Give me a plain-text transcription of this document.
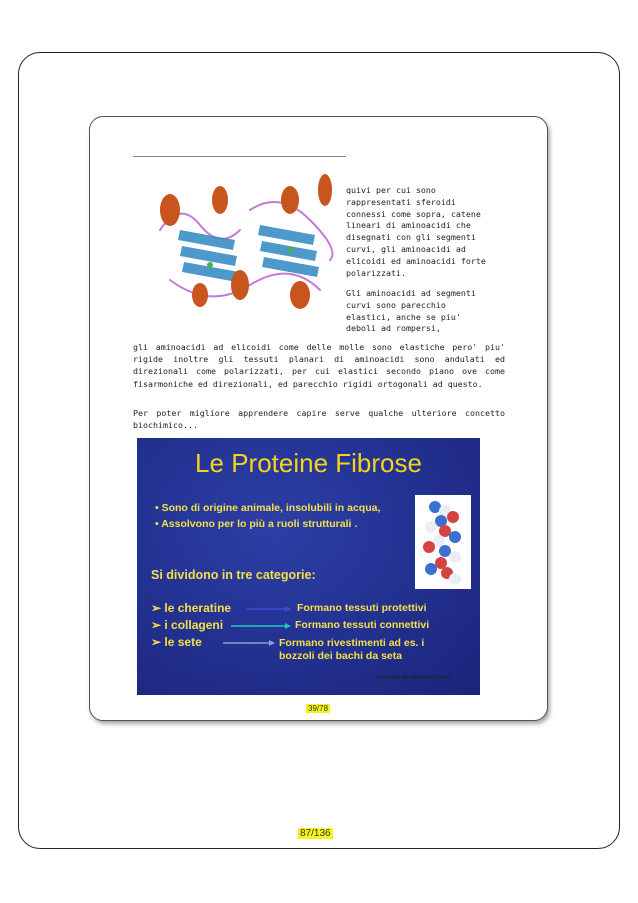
quivi per cui sono
rappresentati sferoidi
connessi come sopra, catene
lineari di aminoacidi che
disegnati con gli segmenti
curvi, gli aminoacidi ad
elicoidi ed aminoacidi forte
polarizzati.
Gli aminoacidi ad segmenti
curvi sono parecchio
elastici, anche se piu'
deboli ad rompersi,
gli aminoacidi ad elicoidi come delle molle sono elastiche pero' piu' rigide inoltre gli tessuti planari di aminoacidi sono andulati ed direzionali come polarizzati, per cui elastici secondo piano ove come fisarmoniche ed direzionali, ed parecchio rigidi ortogonali ad questo.
Per poter migliore apprendere capire serve qualche ulteriore concetto biochimico...
Le Proteine Fibrose
• Sono di origine animale, insolubili in acqua,
• Assolvono per lo più a ruoli strutturali .
Si dividono in tre categorie:
➢ le cheratine
➢ i collageni
➢ le sete
Formano tessuti protettivi
Formano tessuti connettivi
Formano rivestimenti ad es. i bozzoli dei bachi da seta
scaricato da www.sunhope.it
39/78
87/136
